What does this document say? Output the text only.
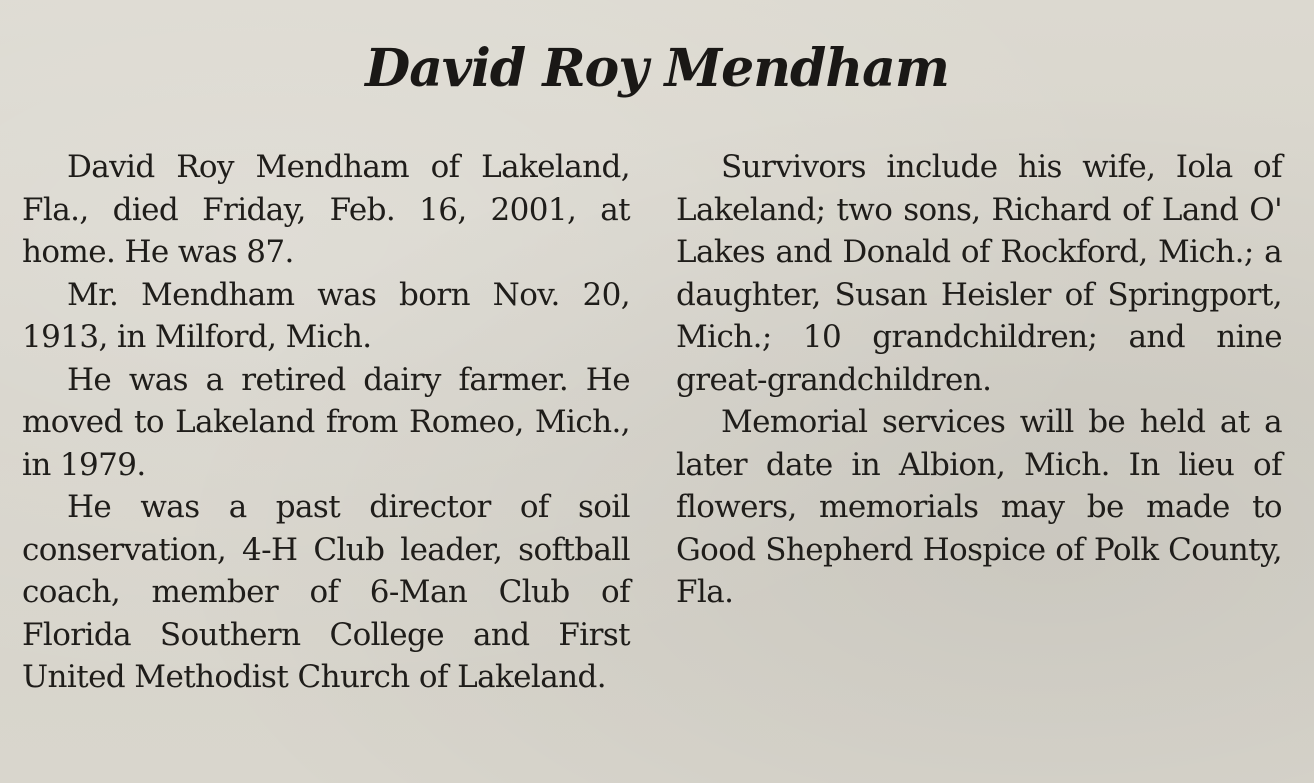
David Roy Mendham

David Roy Mendham of Lakeland, Fla., died Friday, Feb. 16, 2001, at home. He was 87.

Mr. Mendham was born Nov. 20, 1913, in Milford, Mich.

He was a retired dairy farmer. He moved to Lakeland from Romeo, Mich., in 1979.

He was a past director of soil conservation, 4-H Club leader, softball coach, member of 6-Man Club of Florida Southern College and First United Methodist Church of Lakeland.

Survivors include his wife, Iola of Lakeland; two sons, Richard of Land O' Lakes and Donald of Rockford, Mich.; a daughter, Susan Heisler of Springport, Mich.; 10 grandchildren; and nine great-grandchildren.

Memorial services will be held at a later date in Albion, Mich. In lieu of flowers, memorials may be made to Good Shepherd Hospice of Polk County, Fla.
